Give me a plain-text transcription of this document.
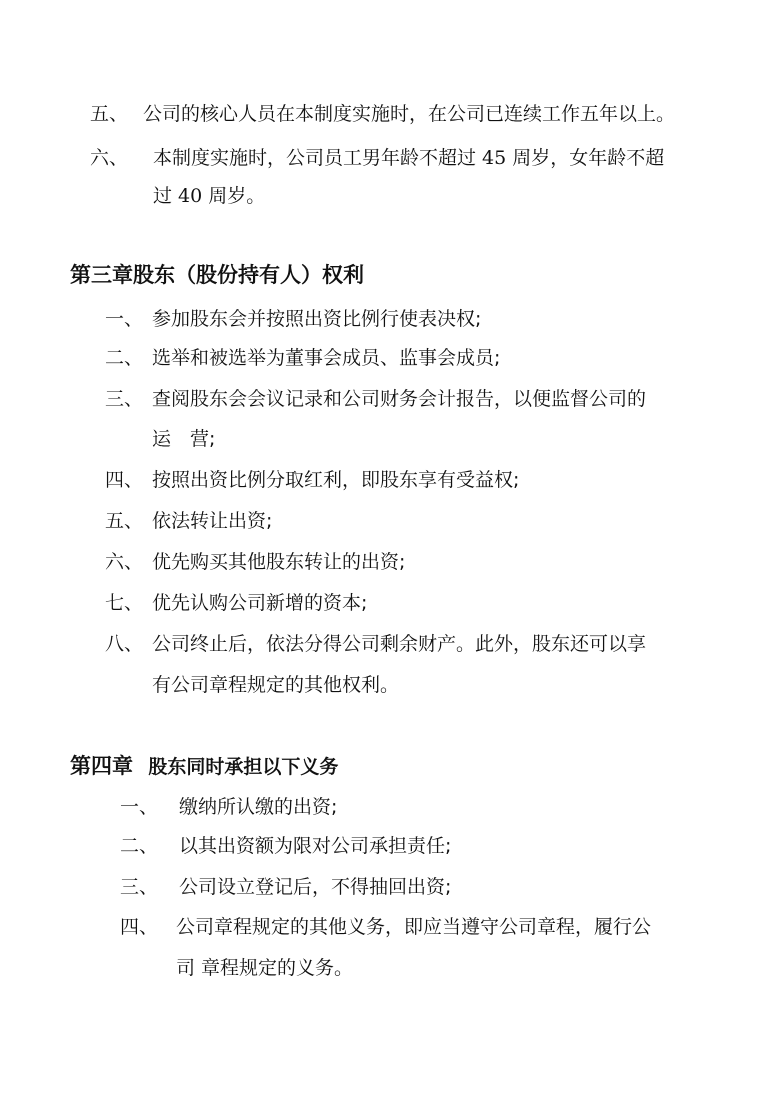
五、 公司的核心人员在本制度实施时，在公司已连续工作五年以上。
六、 本制度实施时，公司员工男年龄不超过 45 周岁，女年龄不超
过 40 周岁。
第三章股东（股份持有人）权利
一、 参加股东会并按照出资比例行使表决权;
二、 选举和被选举为董事会成员、监事会成员;
三、 查阅股东会会议记录和公司财务会计报告，以便监督公司的
运　营;
四、 按照出资比例分取红利，即股东享有受益权;
五、 依法转让出资;
六、 优先购买其他股东转让的出资;
七、 优先认购公司新增的资本;
八、 公司终止后，依法分得公司剩余财产。此外，股东还可以享
有公司章程规定的其他权利。
第四章 股东同时承担以下义务
一、 缴纳所认缴的出资;
二、 以其出资额为限对公司承担责任;
三、 公司设立登记后，不得抽回出资;
四、 公司章程规定的其他义务，即应当遵守公司章程，履行公
司 章程规定的义务。
